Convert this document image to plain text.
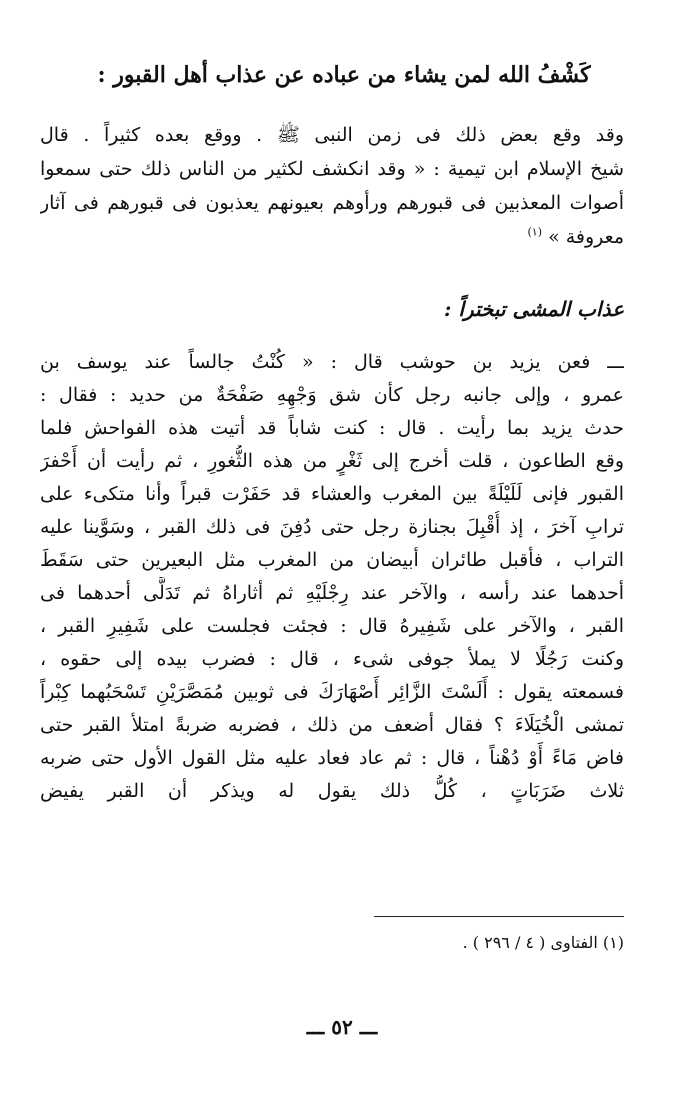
كَشْفُ الله لمن يشاء من عباده عن عذاب أهل القبور :
وقد وقع بعض ذلك فى زمن النبى ﷺ . ووقع بعده كثيراً . قال
شيخ الإسلام ابن تيمية : « وقد انكشف لكثير من الناس ذلك حتى سمعوا
أصوات المعذبين فى قبورهم ورأوهم بعيونهم يعذبون فى قبورهم فى آثار
معروفة » $^{(١)}$
عذاب المشى تبختراً :
ـــ فعن يزيد بن حوشب قال : « كُنْتُ جالساً عند يوسف بن
عمرو ، وإلى جانبه رجل كأن شق وَجْهِهِ صَفْحَةٌ من حديد : فقال :
حدث يزيد بما رأيت . قال : كنت شاباً قد أتيت هذه الفواحش فلما
وقع الطاعون ، قلت أخرج إلى ثَغْرٍ من هذه الثُّغورِ ، ثم رأيت أن أَحْفرَ
القبور فإنى لَلَيْلَةً بين المغرب والعشاء قد حَفَرْت قبراً وأنا متكىء على
ترابِ آخرَ ، إذ أُقْبِلَ بجنازة رجل حتى دُفِنَ فى ذلك القبر ، وسَوَّينا عليه
التراب ، فأقبل طائران أبيضان من المغرب مثل البعيرين حتى سَقَطَ
أحدهما عند رأسه ، والآخر عند رِجْلَيْهِ ثم أثاراهُ ثم تَدَلَّى أحدهما فى
القبر ، والآخر على شَفِيرهُ قال : فجئت فجلست على شَفِيرِ القبر ،
وكنت رَجُلًا لا يملأ جوفى شىء ، قال : فضرب بيده إلى حقوه ،
فسمعته يقول : أَلَسْتَ الزَّائِر أَصْهَارَكَ فى ثوبين مُمَصَّرَيْنِ تَسْحَبُهما كِبْراً
تمشى الْخُيَلَاءَ ؟ فقال أضعف من ذلك ، فضربه ضربةً امتلأ القبر حتى
فاض مَاءً أَوْ دُهْناً ، قال : ثم عاد فعاد عليه مثل القول الأول حتى ضربه
ثلاث ضَرَبَاتٍ ، كُلُّ ذلك يقول له ويذكر أن القبر يفيض
(١) الفتاوى ( ٤ / ٢٩٦ ) .
ـــ ٥٢ ـــ
